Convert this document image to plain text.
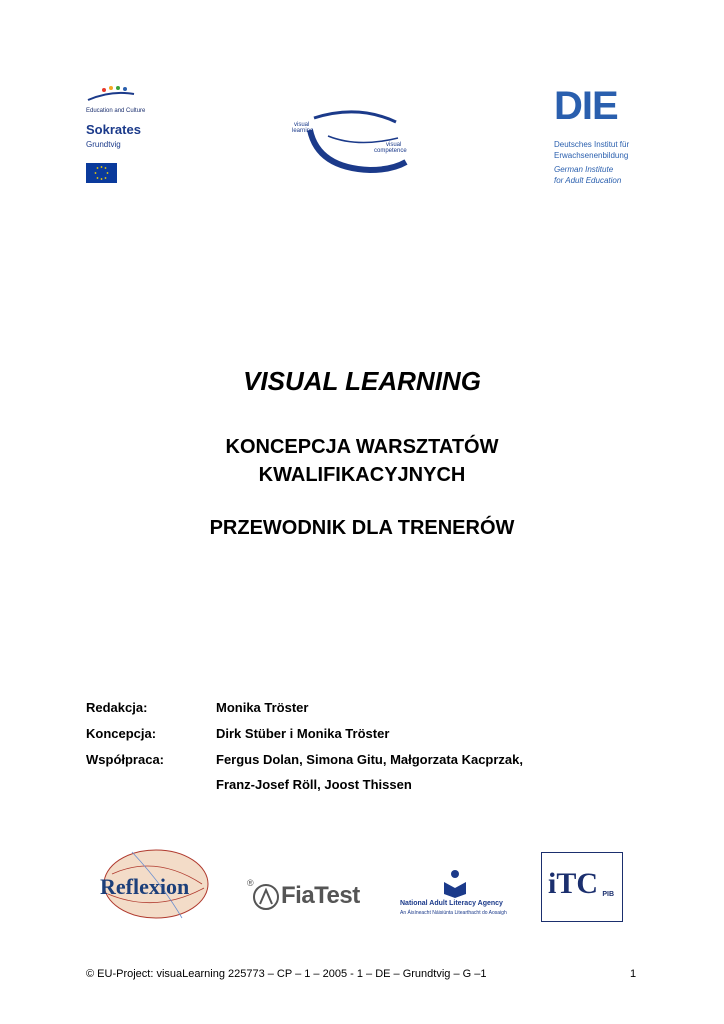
Education and Culture
Sokrates
Grundtvig
visual
learning
visual
competence
DIE
Deutsches Institut für
Erwachsenenbildung
German Institute
for Adult Education
VISUAL LEARNING
KONCEPCJA WARSZTATÓW
KWALIFIKACYJNYCH
PRZEWODNIK DLA TRENERÓW
Redakcja:	Monika Tröster
Koncepcja:	Dirk Stüber i Monika Tröster
Współpraca:	Fergus Dolan, Simona Gitu, Małgorzata Kacprzak,
Franz-Josef Röll, Joost Thissen
Reflexion	® FiaTest	National Adult Literacy Agency
An Áisíneacht Náisiúnta Litearthacht do Aosaigh
iTC PIB
© EU-Project: visuaLearning 225773 – CP – 1 – 2005 - 1 – DE – Grundtvig – G –1	1
